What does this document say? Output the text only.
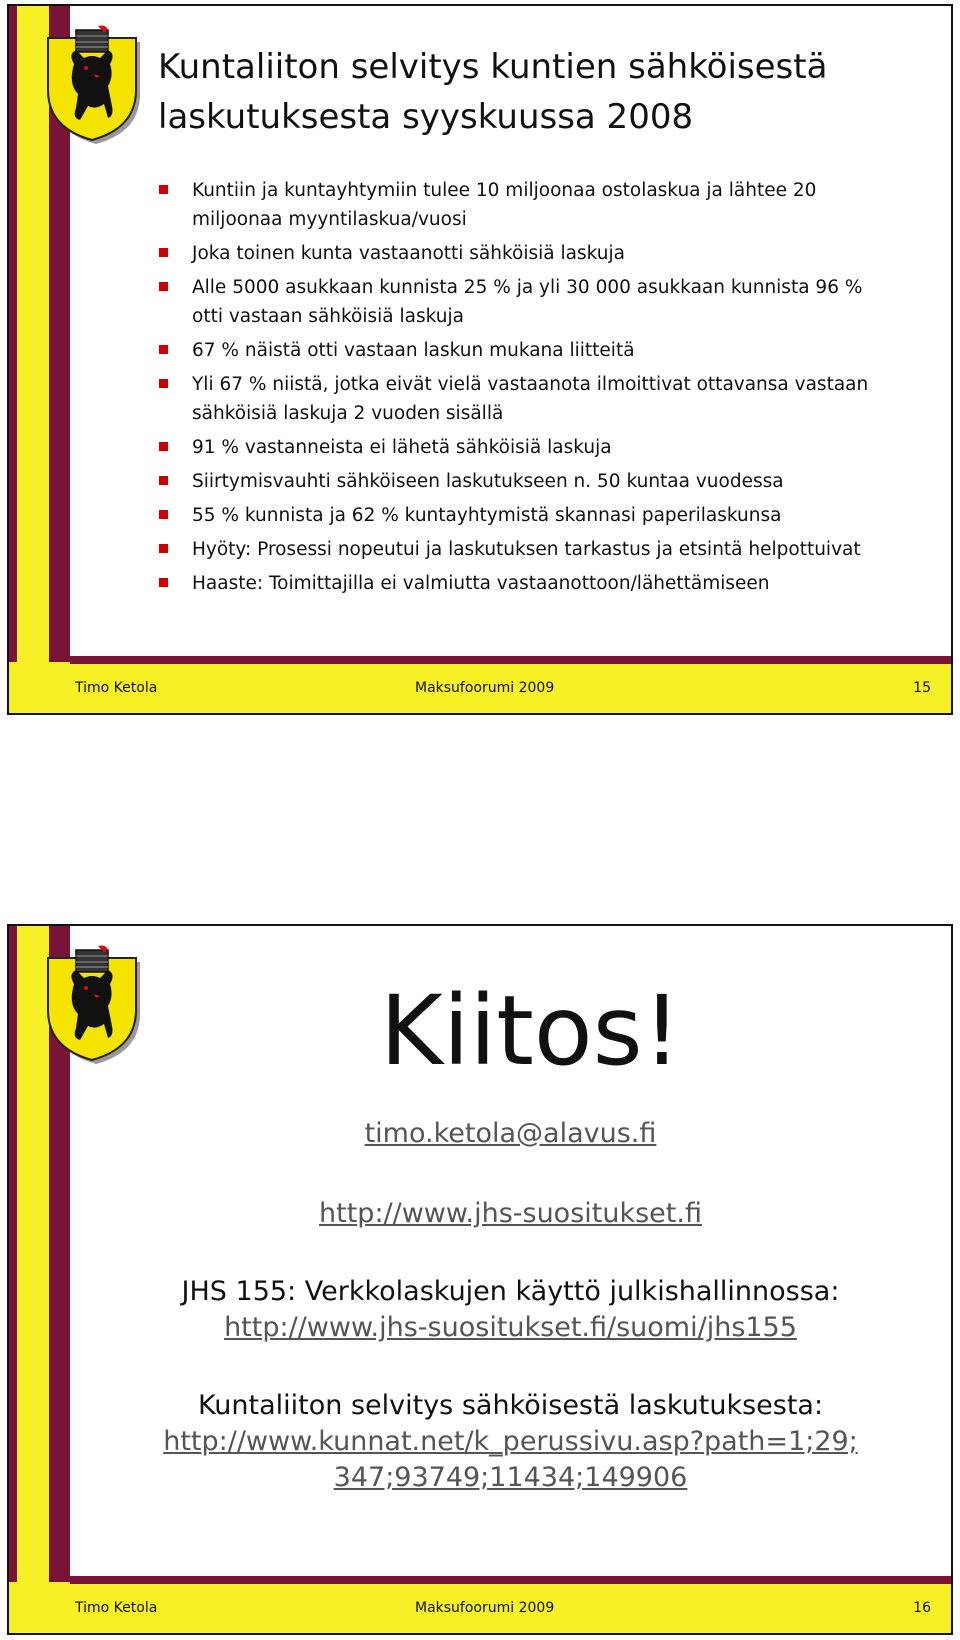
Kuntaliiton selvitys kuntien sähköisestä laskutuksesta syyskuussa 2008
Kuntiin ja kuntayhtymiin tulee 10 miljoonaa ostolaskua ja lähtee 20 miljoonaa myyntilaskua/vuosi
Joka toinen kunta vastaanotti sähköisiä laskuja
Alle 5000 asukkaan kunnista 25 % ja yli 30 000 asukkaan kunnista 96 % otti vastaan sähköisiä laskuja
67 % näistä otti vastaan laskun mukana liitteitä
Yli 67 % niistä, jotka eivät vielä vastaanota ilmoittivat ottavansa vastaan sähköisiä laskuja 2 vuoden sisällä
91 % vastanneista ei lähetä sähköisiä laskuja
Siirtymisvauhti sähköiseen laskutukseen n. 50 kuntaa vuodessa
55 % kunnista ja 62 % kuntayhtymistä skannasi paperilaskunsa
Hyöty: Prosessi nopeutui ja laskutuksen tarkastus ja etsintä helpottuivat
Haaste: Toimittajilla ei valmiutta vastaanottoon/lähettämiseen
Timo Ketola	Maksufoorumi 2009	15
Kiitos!
timo.ketola@alavus.fi
http://www.jhs-suositukset.fi
JHS 155: Verkkolaskujen käyttö julkishallinnossa:
http://www.jhs-suositukset.fi/suomi/jhs155
Kuntaliiton selvitys sähköisestä laskutuksesta:
http://www.kunnat.net/k_perussivu.asp?path=1;29;
347;93749;11434;149906
Timo Ketola	Maksufoorumi 2009	16
